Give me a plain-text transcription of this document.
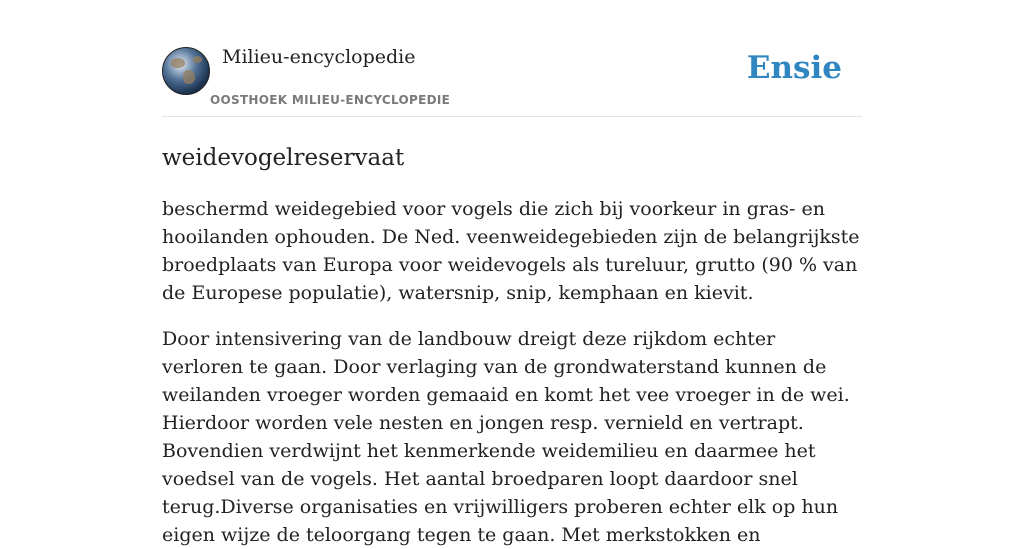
Milieu-encyclopedie
OOSTHOEK MILIEU-ENCYCLOPEDIE
Ensie
weidevogelreservaat

beschermd weidegebied voor vogels die zich bij voorkeur in gras- en hooilanden ophouden. De Ned. veenweidegebieden zijn de belangrijkste broedplaats van Europa voor weidevogels als tureluur, grutto (90 % van de Europese populatie), watersnip, snip, kemphaan en kievit.

Door intensivering van de landbouw dreigt deze rijkdom echter verloren te gaan. Door verlaging van de grondwaterstand kunnen de weilanden vroeger worden gemaaid en komt het vee vroeger in de wei. Hierdoor worden vele nesten en jongen resp. vernield en vertrapt. Bovendien verdwijnt het kenmerkende weidemilieu en daarmee het voedsel van de vogels. Het aantal broedparen loopt daardoor snel terug.Diverse organisaties en vrijwilligers proberen echter elk op hun eigen wijze de teloorgang tegen te gaan. Met merkstokken en
